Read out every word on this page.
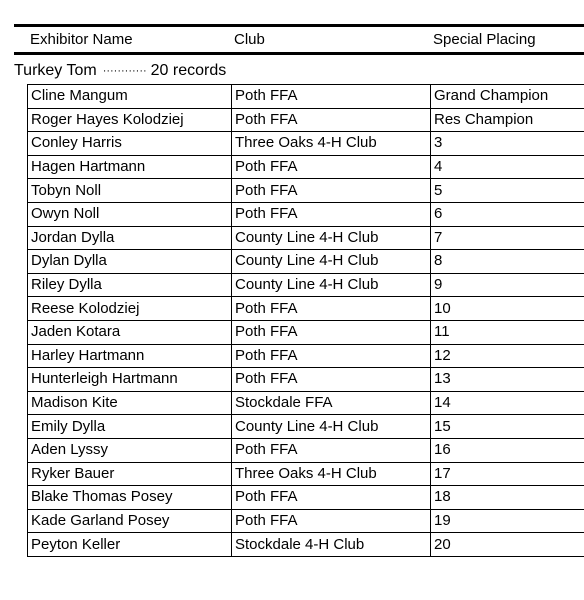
Exhibitor Name	Club	Special Placing
Turkey Tom ············ 20 records
Cline Mangum	Poth FFA	Grand Champion
Roger Hayes Kolodziej	Poth FFA	Res Champion
Conley Harris	Three Oaks 4-H Club	3
Hagen Hartmann	Poth FFA	4
Tobyn Noll	Poth FFA	5
Owyn Noll	Poth FFA	6
Jordan Dylla	County Line 4-H Club	7
Dylan Dylla	County Line 4-H Club	8
Riley Dylla	County Line 4-H Club	9
Reese Kolodziej	Poth FFA	10
Jaden Kotara	Poth FFA	11
Harley Hartmann	Poth FFA	12
Hunterleigh Hartmann	Poth FFA	13
Madison Kite	Stockdale FFA	14
Emily Dylla	County Line 4-H Club	15
Aden Lyssy	Poth FFA	16
Ryker Bauer	Three Oaks 4-H Club	17
Blake Thomas Posey	Poth FFA	18
Kade Garland Posey	Poth FFA	19
Peyton Keller	Stockdale 4-H Club	20
